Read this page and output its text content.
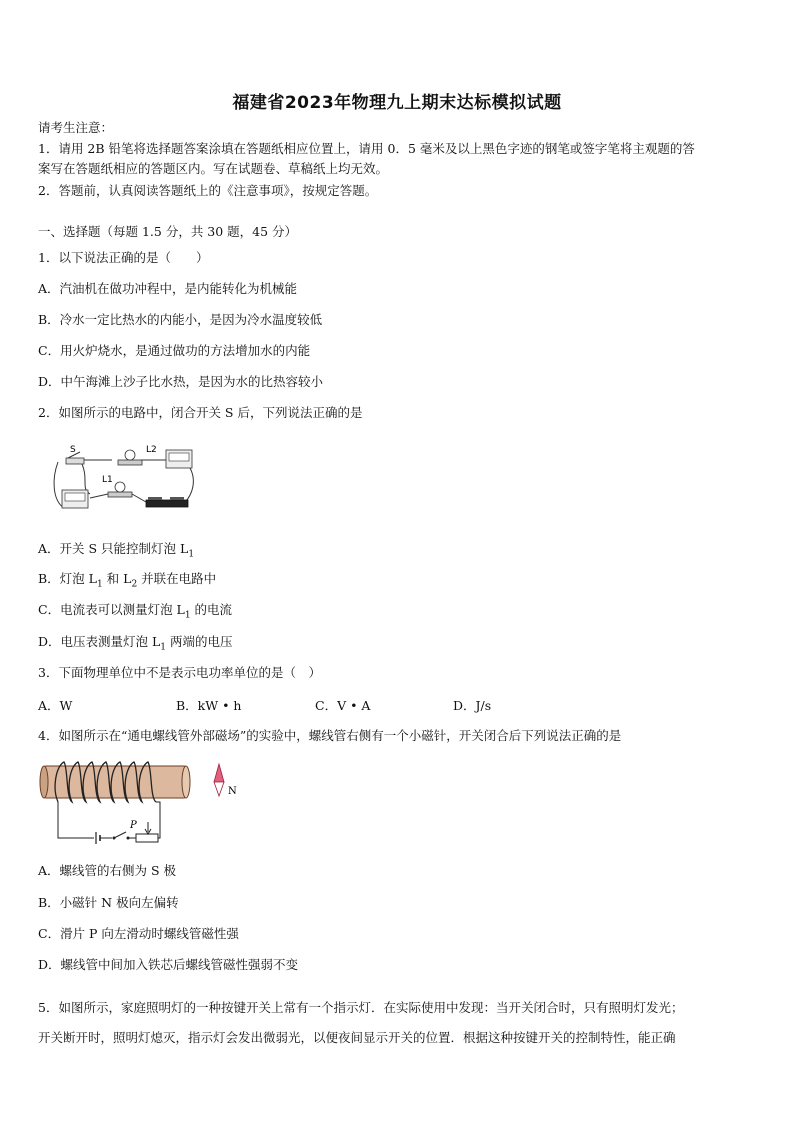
福建省2023年物理九上期末达标模拟试题
请考生注意：
1．请用 2B 铅笔将选择题答案涂填在答题纸相应位置上，请用 0．5 毫米及以上黑色字迹的钢笔或签字笔将主观题的答
案写在答题纸相应的答题区内。写在试题卷、草稿纸上均无效。
2．答题前，认真阅读答题纸上的《注意事项》，按规定答题。
一、选择题（每题 1.5 分，共 30 题，45 分）
1．以下说法正确的是（　　）
A．汽油机在做功冲程中，是内能转化为机械能
B．冷水一定比热水的内能小，是因为冷水温度较低
C．用火炉烧水，是通过做功的方法增加水的内能
D．中午海滩上沙子比水热，是因为水的比热容较小
2．如图所示的电路中，闭合开关 S 后，下列说法正确的是
S	L2
L1
A．开关 S 只能控制灯泡 $L_1$
B．灯泡 $L_1$ 和 $L_2$ 并联在电路中
C．电流表可以测量灯泡 $L_1$ 的电流
D．电压表测量灯泡 $L_1$ 两端的电压
3．下面物理单位中不是表示电功率单位的是（　）
A．W	B．kW • h	C．V • A	D．J/s
4．如图所示在“通电螺线管外部磁场”的实验中，螺线管右侧有一个小磁针，开关闭合后下列说法正确的是
P
N
A．螺线管的右侧为 S 极
B．小磁针 N 极向左偏转
C．滑片 P 向左滑动时螺线管磁性强
D．螺线管中间加入铁芯后螺线管磁性强弱不变
5．如图所示，家庭照明灯的一种按键开关上常有一个指示灯．在实际使用中发现：当开关闭合时，只有照明灯发光；
开关断开时，照明灯熄灭，指示灯会发出微弱光，以便夜间显示开关的位置．根据这种按键开关的控制特性，能正确
